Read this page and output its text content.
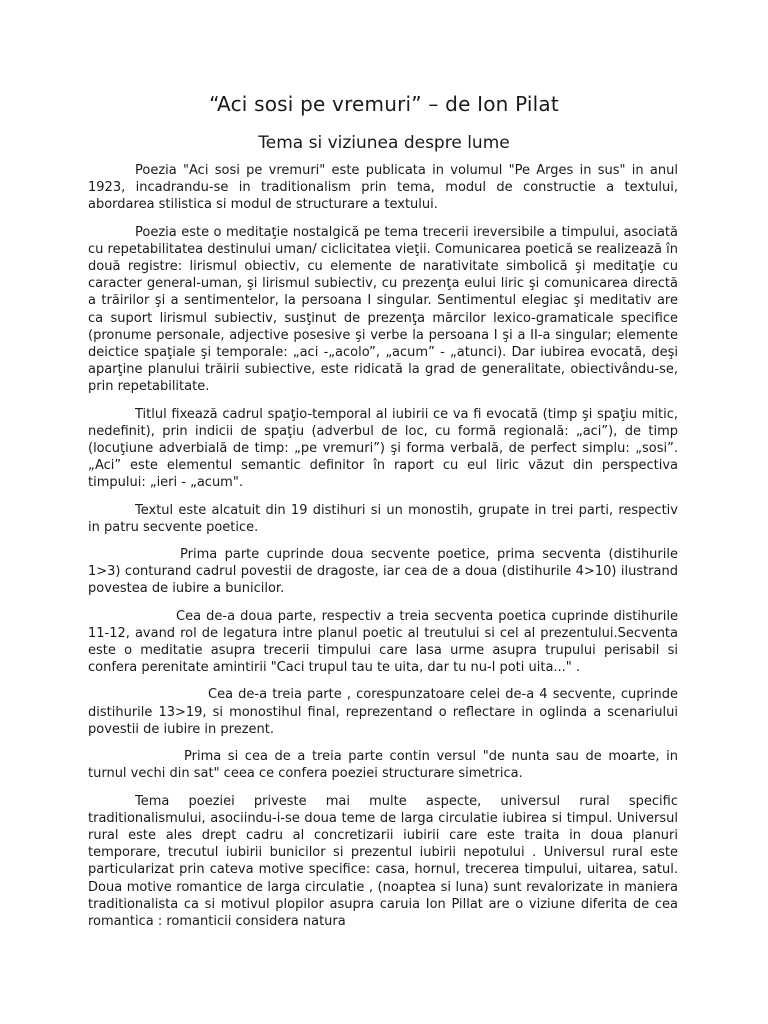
“Aci sosi pe vremuri” – de Ion Pilat
Tema si viziunea despre lume

Poezia "Aci sosi pe vremuri" este publicata in volumul "Pe Arges in sus" in anul 1923, incadrandu-se in traditionalism prin tema, modul de constructie a textului, abordarea stilistica si modul de structurare a textului.

Poezia este o meditaţie nostalgică pe tema trecerii ireversibile a timpului, asociată cu repetabilitatea destinului uman/ ciclicitatea vieţii. Comunicarea poetică se realizează în două registre: lirismul obiectiv, cu elemente de narativitate simbolică şi meditaţie cu caracter general-uman, şi lirismul subiectiv, cu prezenţa eului liric şi comunicarea directă a trăirilor şi a sentimentelor, la persoana I singular. Sentimentul elegiac şi meditativ are ca suport lirismul subiectiv, susţinut de prezenţa mărcilor lexico-gramaticale specifice (pronume personale, adjective posesive şi verbe la persoana I şi a II-a singular; elemente deictice spaţiale şi temporale: „aci -„acolo”, „acum” - „atunci). Dar iubirea evocată, deşi aparţine planului trăirii subiective, este ridicată la grad de generalitate, obiectivându-se, prin repetabilitate.

Titlul fixează cadrul spaţio-temporal al iubirii ce va fi evocată (timp şi spaţiu mitic, nedefinit), prin indicii de spaţiu (adverbul de loc, cu formă regională: „aci”), de timp (locuţiune adverbială de timp: „pe vremuri”) şi forma verbală, de perfect simplu: „sosi”. „Aci” este elementul semantic definitor în raport cu eul liric văzut din perspectiva timpului: „ieri - „acum".

Textul este alcatuit din 19 distihuri si un monostih, grupate in trei parti, respectiv in patru secvente poetice.

Prima parte cuprinde doua secvente poetice, prima secventa (distihurile 1>3) conturand cadrul povestii de dragoste, iar cea de a doua (distihurile 4>10) ilustrand povestea de iubire a bunicilor.

Cea de-a doua parte, respectiv a treia secventa poetica cuprinde distihurile 11-12, avand rol de legatura intre planul poetic al treutului si cel al prezentului.Secventa este o meditatie asupra trecerii timpului care lasa urme asupra trupului perisabil si confera perenitate amintirii "Caci trupul tau te uita, dar tu nu-l poti uita..." .

Cea de-a treia parte , corespunzatoare celei de-a 4 secvente, cuprinde distihurile 13>19, si monostihul final, reprezentand o reflectare in oglinda a scenariului povestii de iubire in prezent.

Prima si cea de a treia parte contin versul "de nunta sau de moarte, in turnul vechi din sat" ceea ce confera poeziei structurare simetrica.

Tema poeziei priveste mai multe aspecte, universul rural specific traditionalismului, asociindu-i-se doua teme de larga circulatie iubirea si timpul. Universul rural este ales drept cadru al concretizarii iubirii care este traita in doua planuri temporare, trecutul iubirii bunicilor si prezentul iubirii nepotului . Universul rural este particularizat prin cateva motive specifice: casa, hornul, trecerea timpului, uitarea, satul. Doua motive romantice de larga circulatie , (noaptea si luna) sunt revalorizate in maniera traditionalista ca si motivul plopilor asupra caruia Ion Pillat are o viziune diferita de cea romantica : romanticii considera natura
